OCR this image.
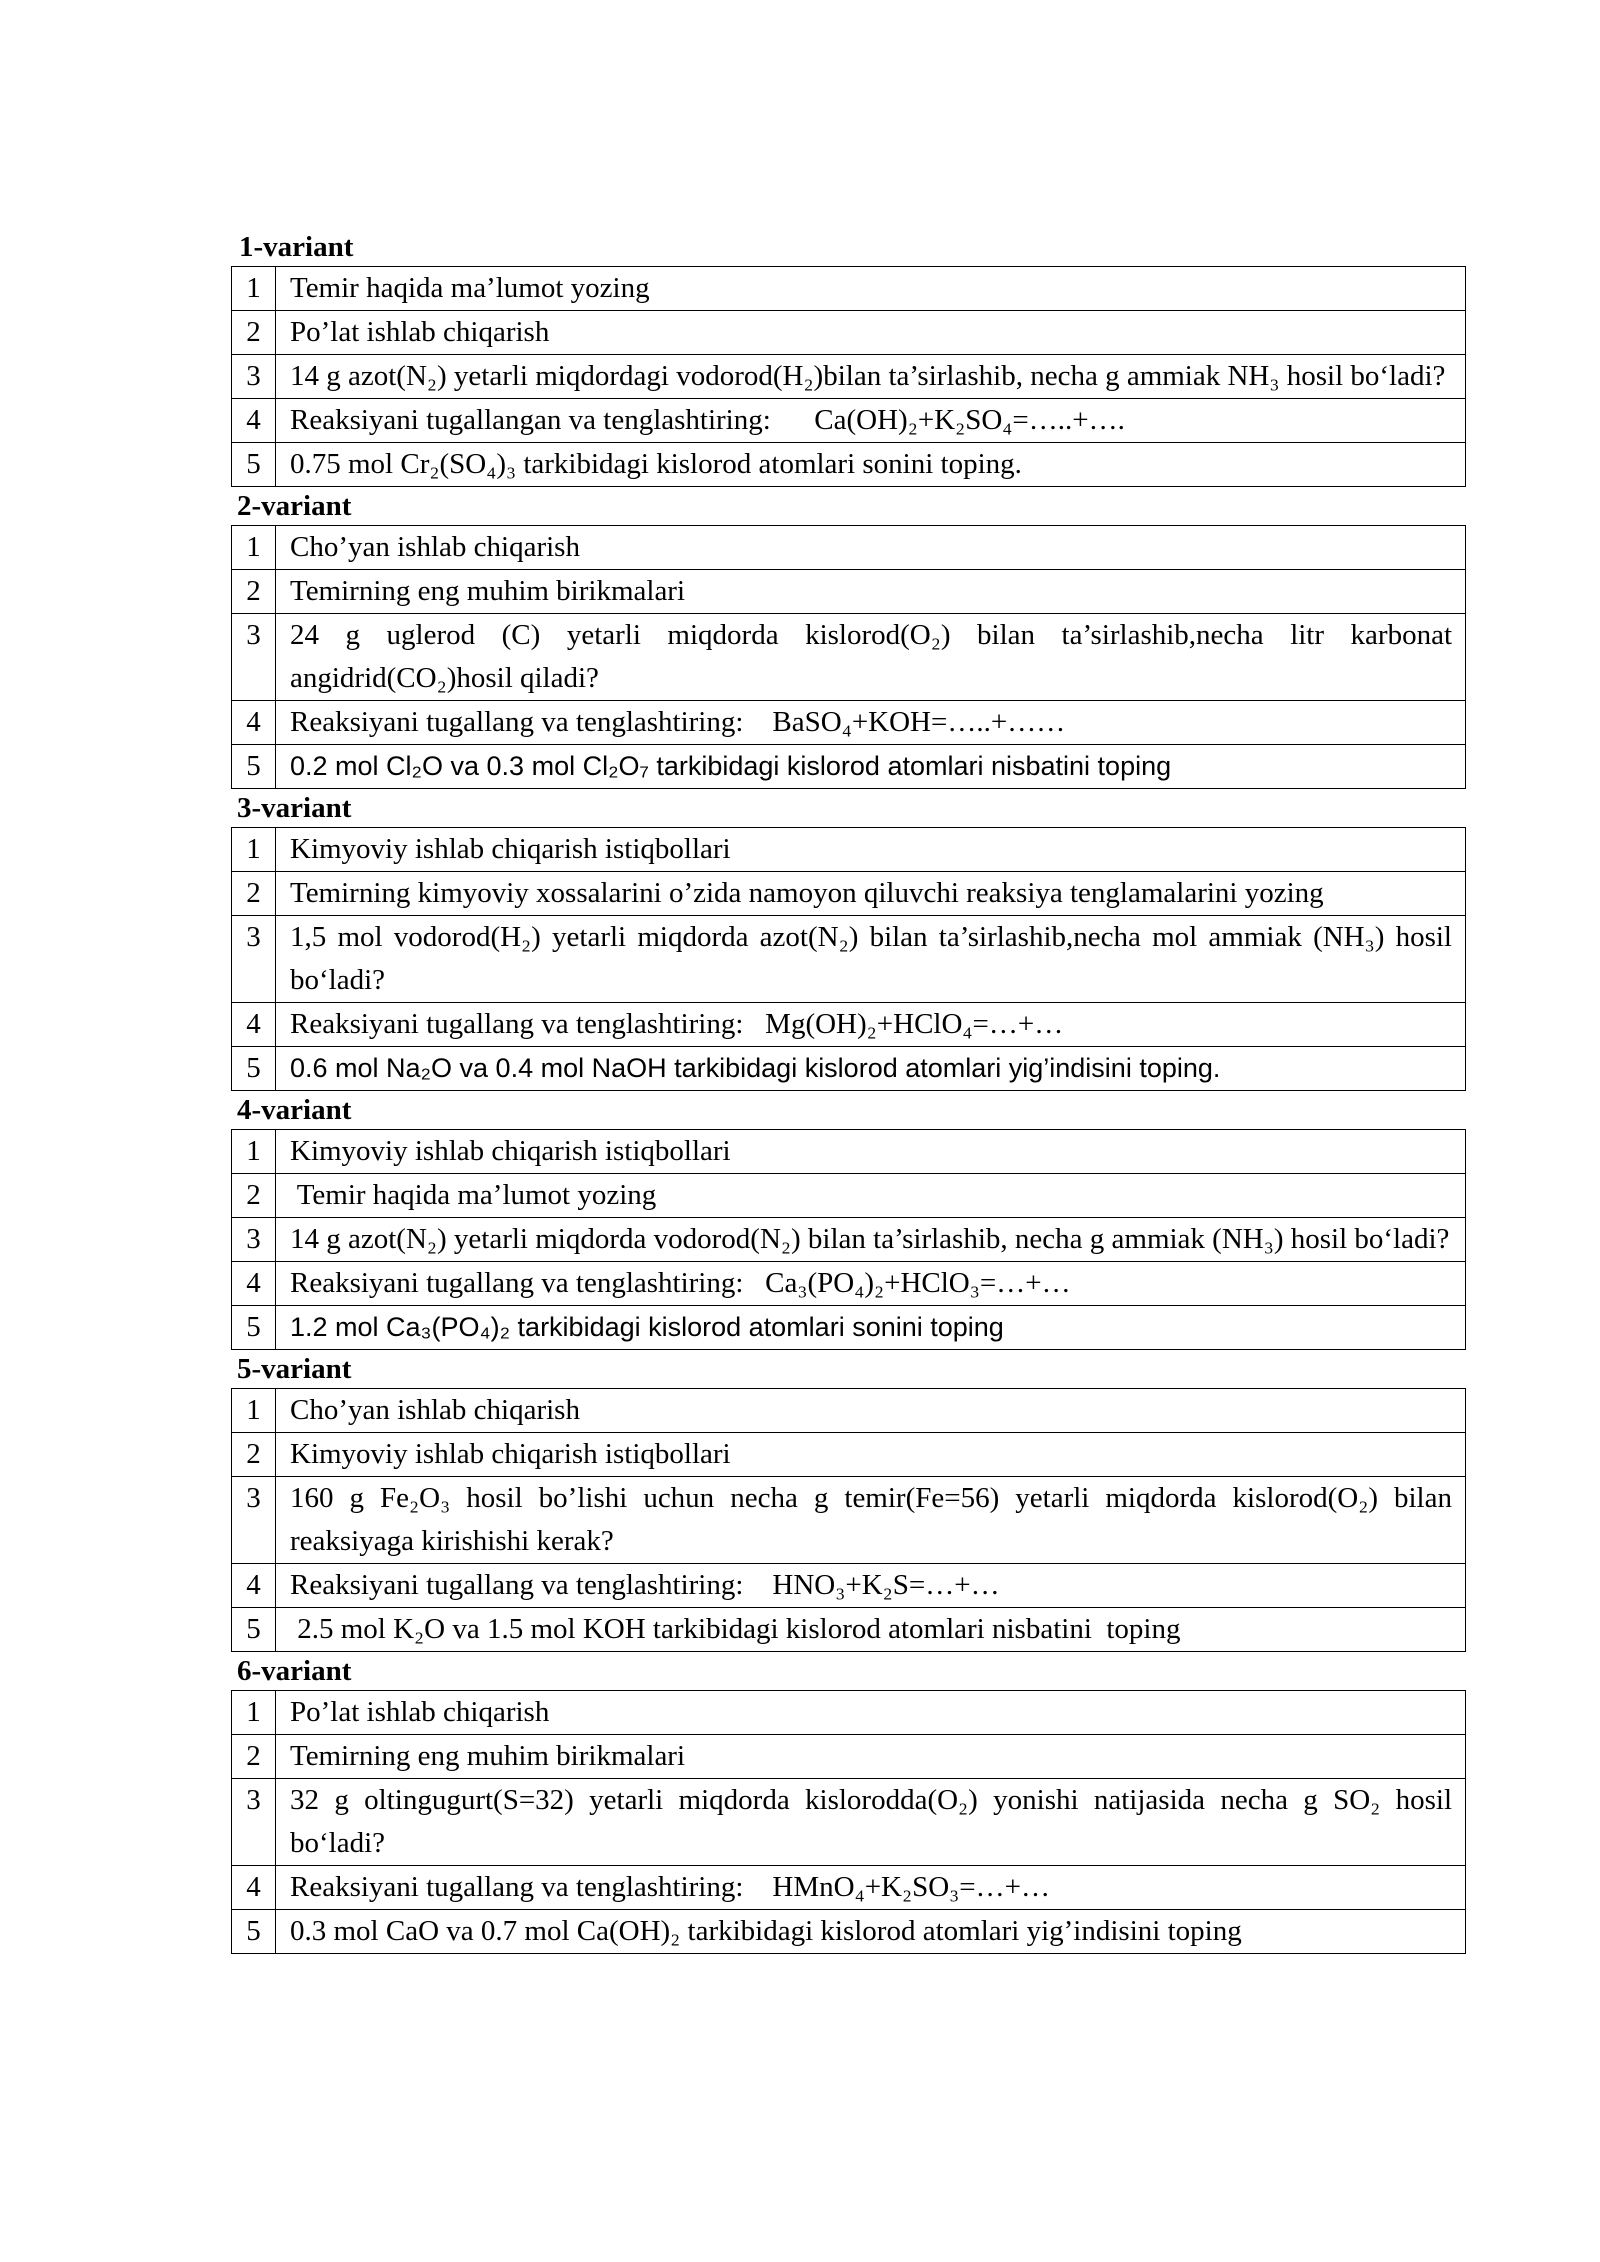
1-variant
1	Temir haqida ma’lumot yozing
2	Po’lat ishlab chiqarish
3	14 g azot(N₂) yetarli miqdordagi vodorod(H₂)bilan ta’sirlashib, necha g ammiak NH₃ hosil bo‘ladi?
4	Reaksiyani tugallangan va tenglashtiring:      Ca(OH)₂+K₂SO₄=…..+….
5	0.75 mol Cr₂(SO₄)₃ tarkibidagi kislorod atomlari sonini toping.
2-variant
1	Cho’yan ishlab chiqarish
2	Temirning eng muhim birikmalari
3	24 g uglerod (C) yetarli miqdorda kislorod(O₂) bilan ta’sirlashib,necha litr karbonat angidrid(CO₂)hosil qiladi?
4	Reaksiyani tugallang va tenglashtiring:    BaSO₄+KOH=…..+……
5	0.2 mol Cl₂O va 0.3 mol Cl₂O₇ tarkibidagi kislorod atomlari nisbatini toping
3-variant
1	Kimyoviy ishlab chiqarish istiqbollari
2	Temirning kimyoviy xossalarini o’zida namoyon qiluvchi reaksiya tenglamalarini yozing
3	1,5 mol vodorod(H₂) yetarli miqdorda azot(N₂) bilan ta’sirlashib,necha mol ammiak (NH₃) hosil bo‘ladi?
4	Reaksiyani tugallang va tenglashtiring:   Mg(OH)₂+HClO₄=…+…
5	0.6 mol Na₂O va 0.4 mol NaOH tarkibidagi kislorod atomlari yig’indisini toping.
4-variant
1	Kimyoviy ishlab chiqarish istiqbollari
2	Temir haqida ma’lumot yozing
3	14 g azot(N₂) yetarli miqdorda vodorod(N₂) bilan ta’sirlashib, necha g ammiak (NH₃) hosil bo‘ladi?
4	Reaksiyani tugallang va tenglashtiring:   Ca₃(PO₄)₂+HClO₃=…+…
5	1.2 mol Ca₃(PO₄)₂ tarkibidagi kislorod atomlari sonini toping
5-variant
1	Cho’yan ishlab chiqarish
2	Kimyoviy ishlab chiqarish istiqbollari
3	160 g Fe₂O₃ hosil bo’lishi uchun necha g temir(Fe=56) yetarli miqdorda kislorod(O₂) bilan reaksiyaga kirishishi kerak?
4	Reaksiyani tugallang va tenglashtiring:    HNO₃+K₂S=…+…
5	2.5 mol K₂O va 1.5 mol KOH tarkibidagi kislorod atomlari nisbatini  toping
6-variant
1	Po’lat ishlab chiqarish
2	Temirning eng muhim birikmalari
3	32 g oltingugurt(S=32) yetarli miqdorda kislorodda(O₂) yonishi natijasida necha g SO₂ hosil bo‘ladi?
4	Reaksiyani tugallang va tenglashtiring:    HMnO₄+K₂SO₃=…+…
5	0.3 mol CaO va 0.7 mol Ca(OH)₂ tarkibidagi kislorod atomlari yig’indisini toping
